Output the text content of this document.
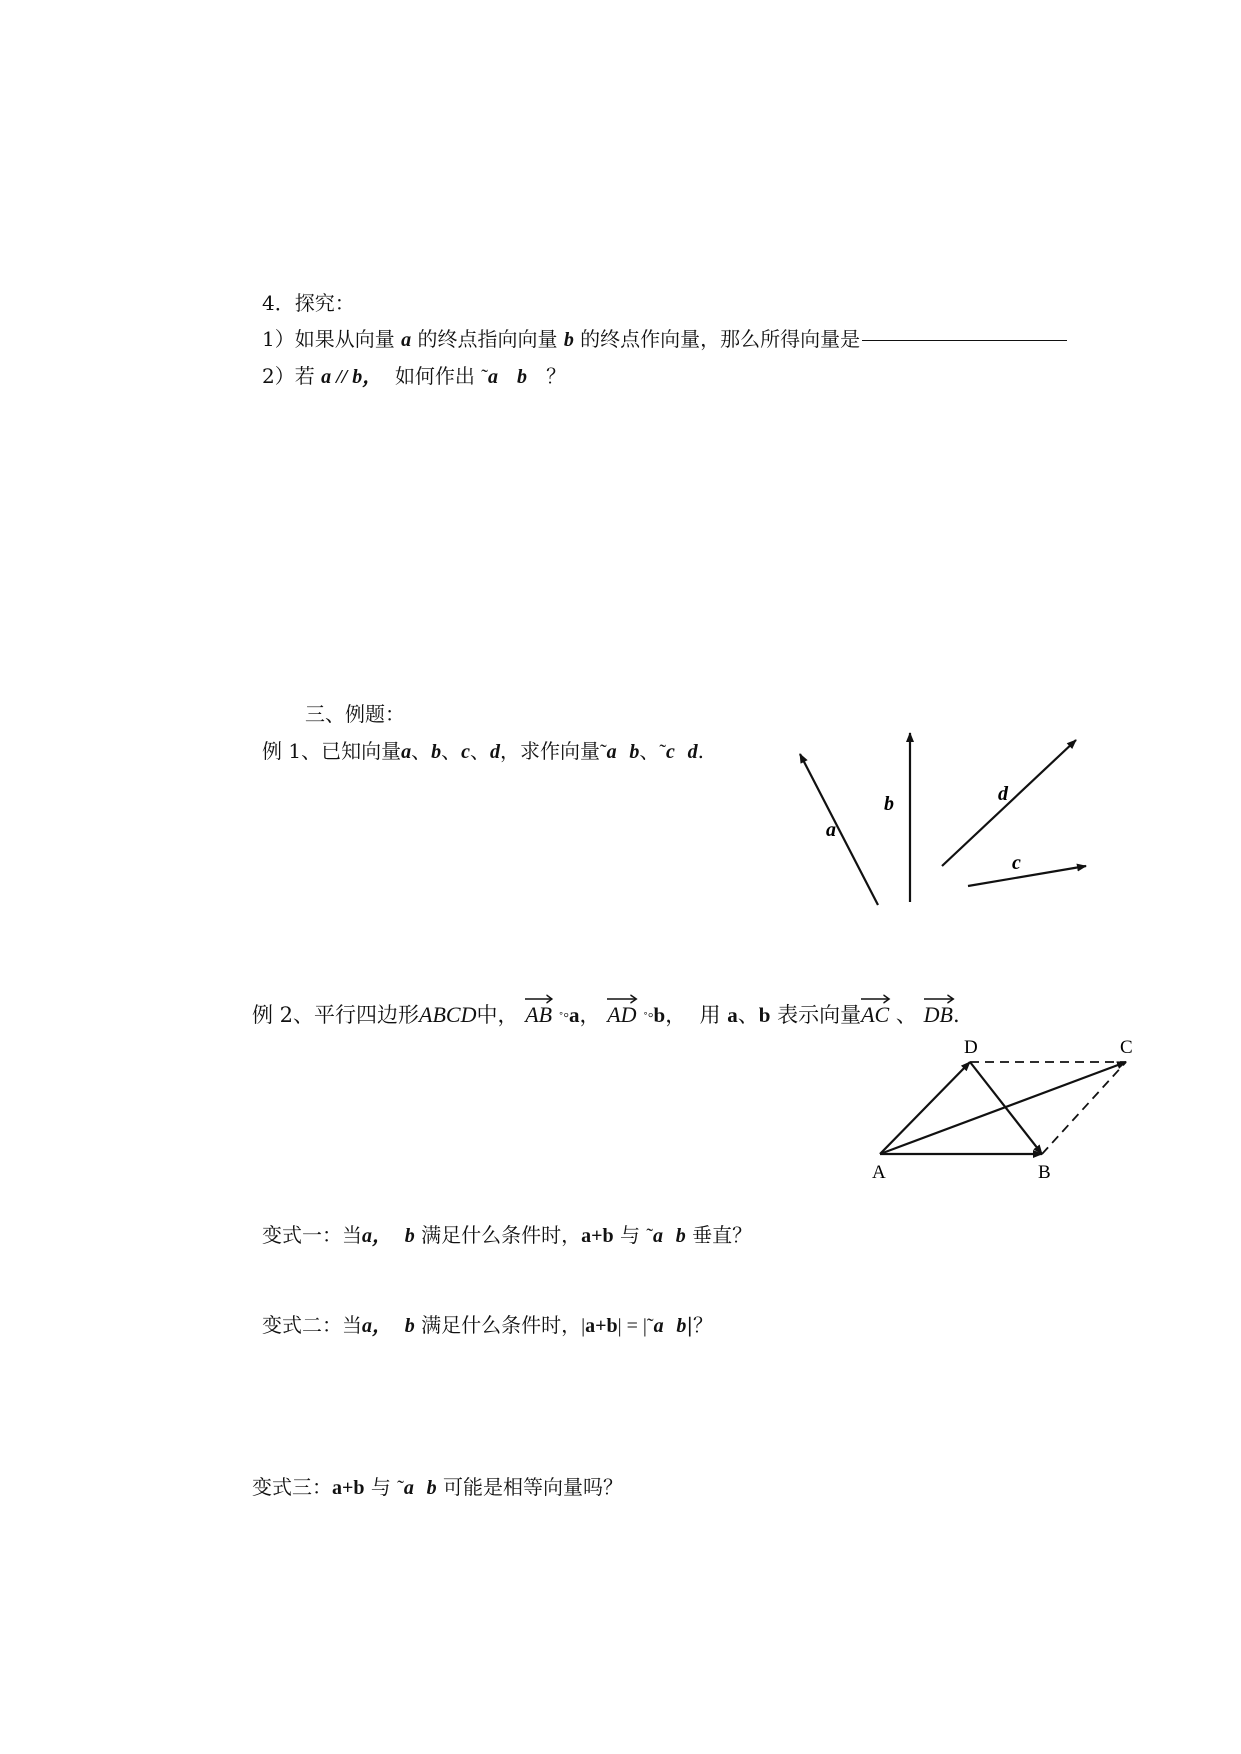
4．探究：
1）如果从向量 a 的终点指向向量 b 的终点作向量，那么所得向量是
2）若 a // b， 如何作出 ˜a b ？
三、例题：
例 1、已知向量a、b、c、d，求作向量˜a b、˜c d.
a
b	d
c
例 2、平行四边形ABCD中， AB ˚°a， AD ˚°b， 用 a、b 表示向量
AC 、 DB.
A	B
C
D
变式一：当a， b 满足什么条件时，a+b 与 ˜a b 垂直？
变式二：当a， b 满足什么条件时，|a+b| = |˜a b|？
变式三：a+b 与 ˜a b 可能是相等向量吗？
